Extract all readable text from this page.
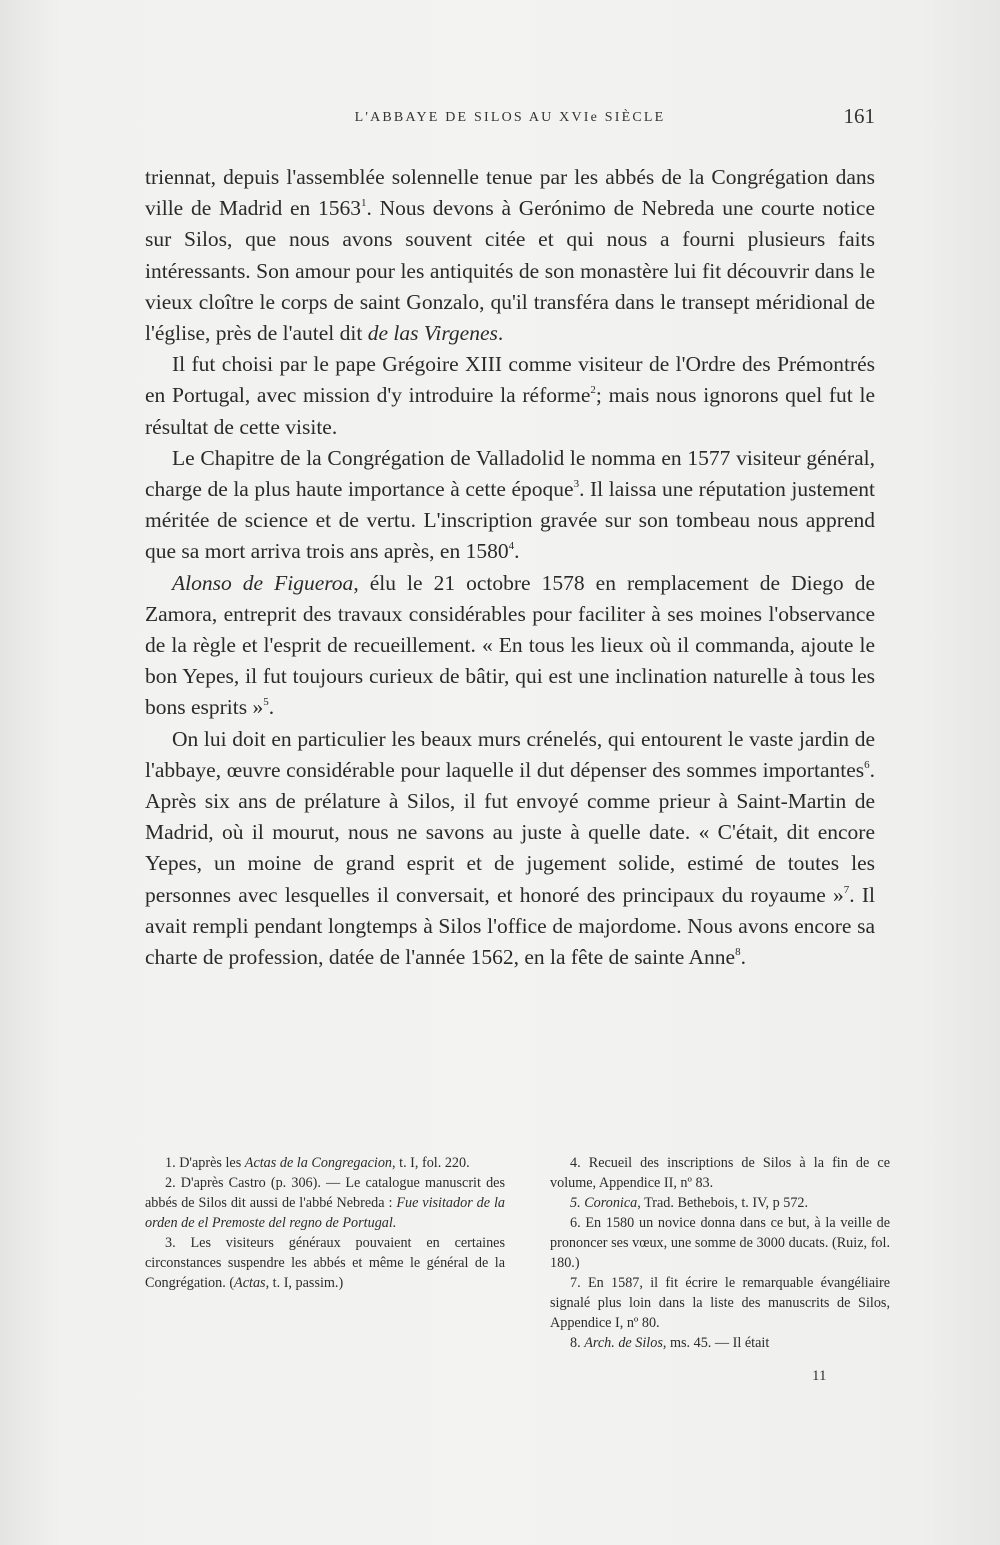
L'ABBAYE DE SILOS AU XVIe SIÈCLE	161

triennat, depuis l'assemblée solennelle tenue par les abbés de la Congrégation dans ville de Madrid en 1563$^1$. Nous devons à Gerónimo de Nebreda une courte notice sur Silos, que nous avons souvent citée et qui nous a fourni plusieurs faits intéressants. Son amour pour les antiquités de son monastère lui fit découvrir dans le vieux cloître le corps de saint Gonzalo, qu'il transféra dans le transept méridional de l'église, près de l'autel dit de las Virgenes.

Il fut choisi par le pape Grégoire XIII comme visiteur de l'Ordre des Prémontrés en Portugal, avec mission d'y introduire la réforme$^2$; mais nous ignorons quel fut le résultat de cette visite.

Le Chapitre de la Congrégation de Valladolid le nomma en 1577 visiteur général, charge de la plus haute importance à cette époque$^3$. Il laissa une réputation justement méritée de science et de vertu. L'inscription gravée sur son tombeau nous apprend que sa mort arriva trois ans après, en 1580$^4$.

Alonso de Figueroa, élu le 21 octobre 1578 en remplacement de Diego de Zamora, entreprit des travaux considérables pour faciliter à ses moines l'observance de la règle et l'esprit de recueillement. « En tous les lieux où il commanda, ajoute le bon Yepes, il fut toujours curieux de bâtir, qui est une inclination naturelle à tous les bons esprits »$^5$.

On lui doit en particulier les beaux murs crénelés, qui entourent le vaste jardin de l'abbaye, œuvre considérable pour laquelle il dut dépenser des sommes importantes$^6$. Après six ans de prélature à Silos, il fut envoyé comme prieur à Saint-Martin de Madrid, où il mourut, nous ne savons au juste à quelle date. « C'était, dit encore Yepes, un moine de grand esprit et de jugement solide, estimé de toutes les personnes avec lesquelles il conversait, et honoré des principaux du royaume »$^7$. Il avait rempli pendant longtemps à Silos l'office de majordome. Nous avons encore sa charte de profession, datée de l'année 1562, en la fête de sainte Anne$^8$.

1. D'après les Actas de la Congregacion, t. I, fol. 220.

2. D'après Castro (p. 306). — Le catalogue manuscrit des abbés de Silos dit aussi de l'abbé Nebreda : Fue visitador de la orden de el Premoste del regno de Portugal.

3. Les visiteurs généraux pouvaient en certaines circonstances suspendre les abbés et même le général de la Congrégation. (Actas, t. I, passim.)

4. Recueil des inscriptions de Silos à la fin de ce volume, Appendice II, nº 83.

5. Coronica, Trad. Bethebois, t. IV, p 572.

6. En 1580 un novice donna dans ce but, à la veille de prononcer ses vœux, une somme de 3000 ducats. (Ruiz, fol. 180.)

7. En 1587, il fit écrire le remarquable évangéliaire signalé plus loin dans la liste des manuscrits de Silos, Appendice I, nº 80.

8. Arch. de Silos, ms. 45. — Il était

11
